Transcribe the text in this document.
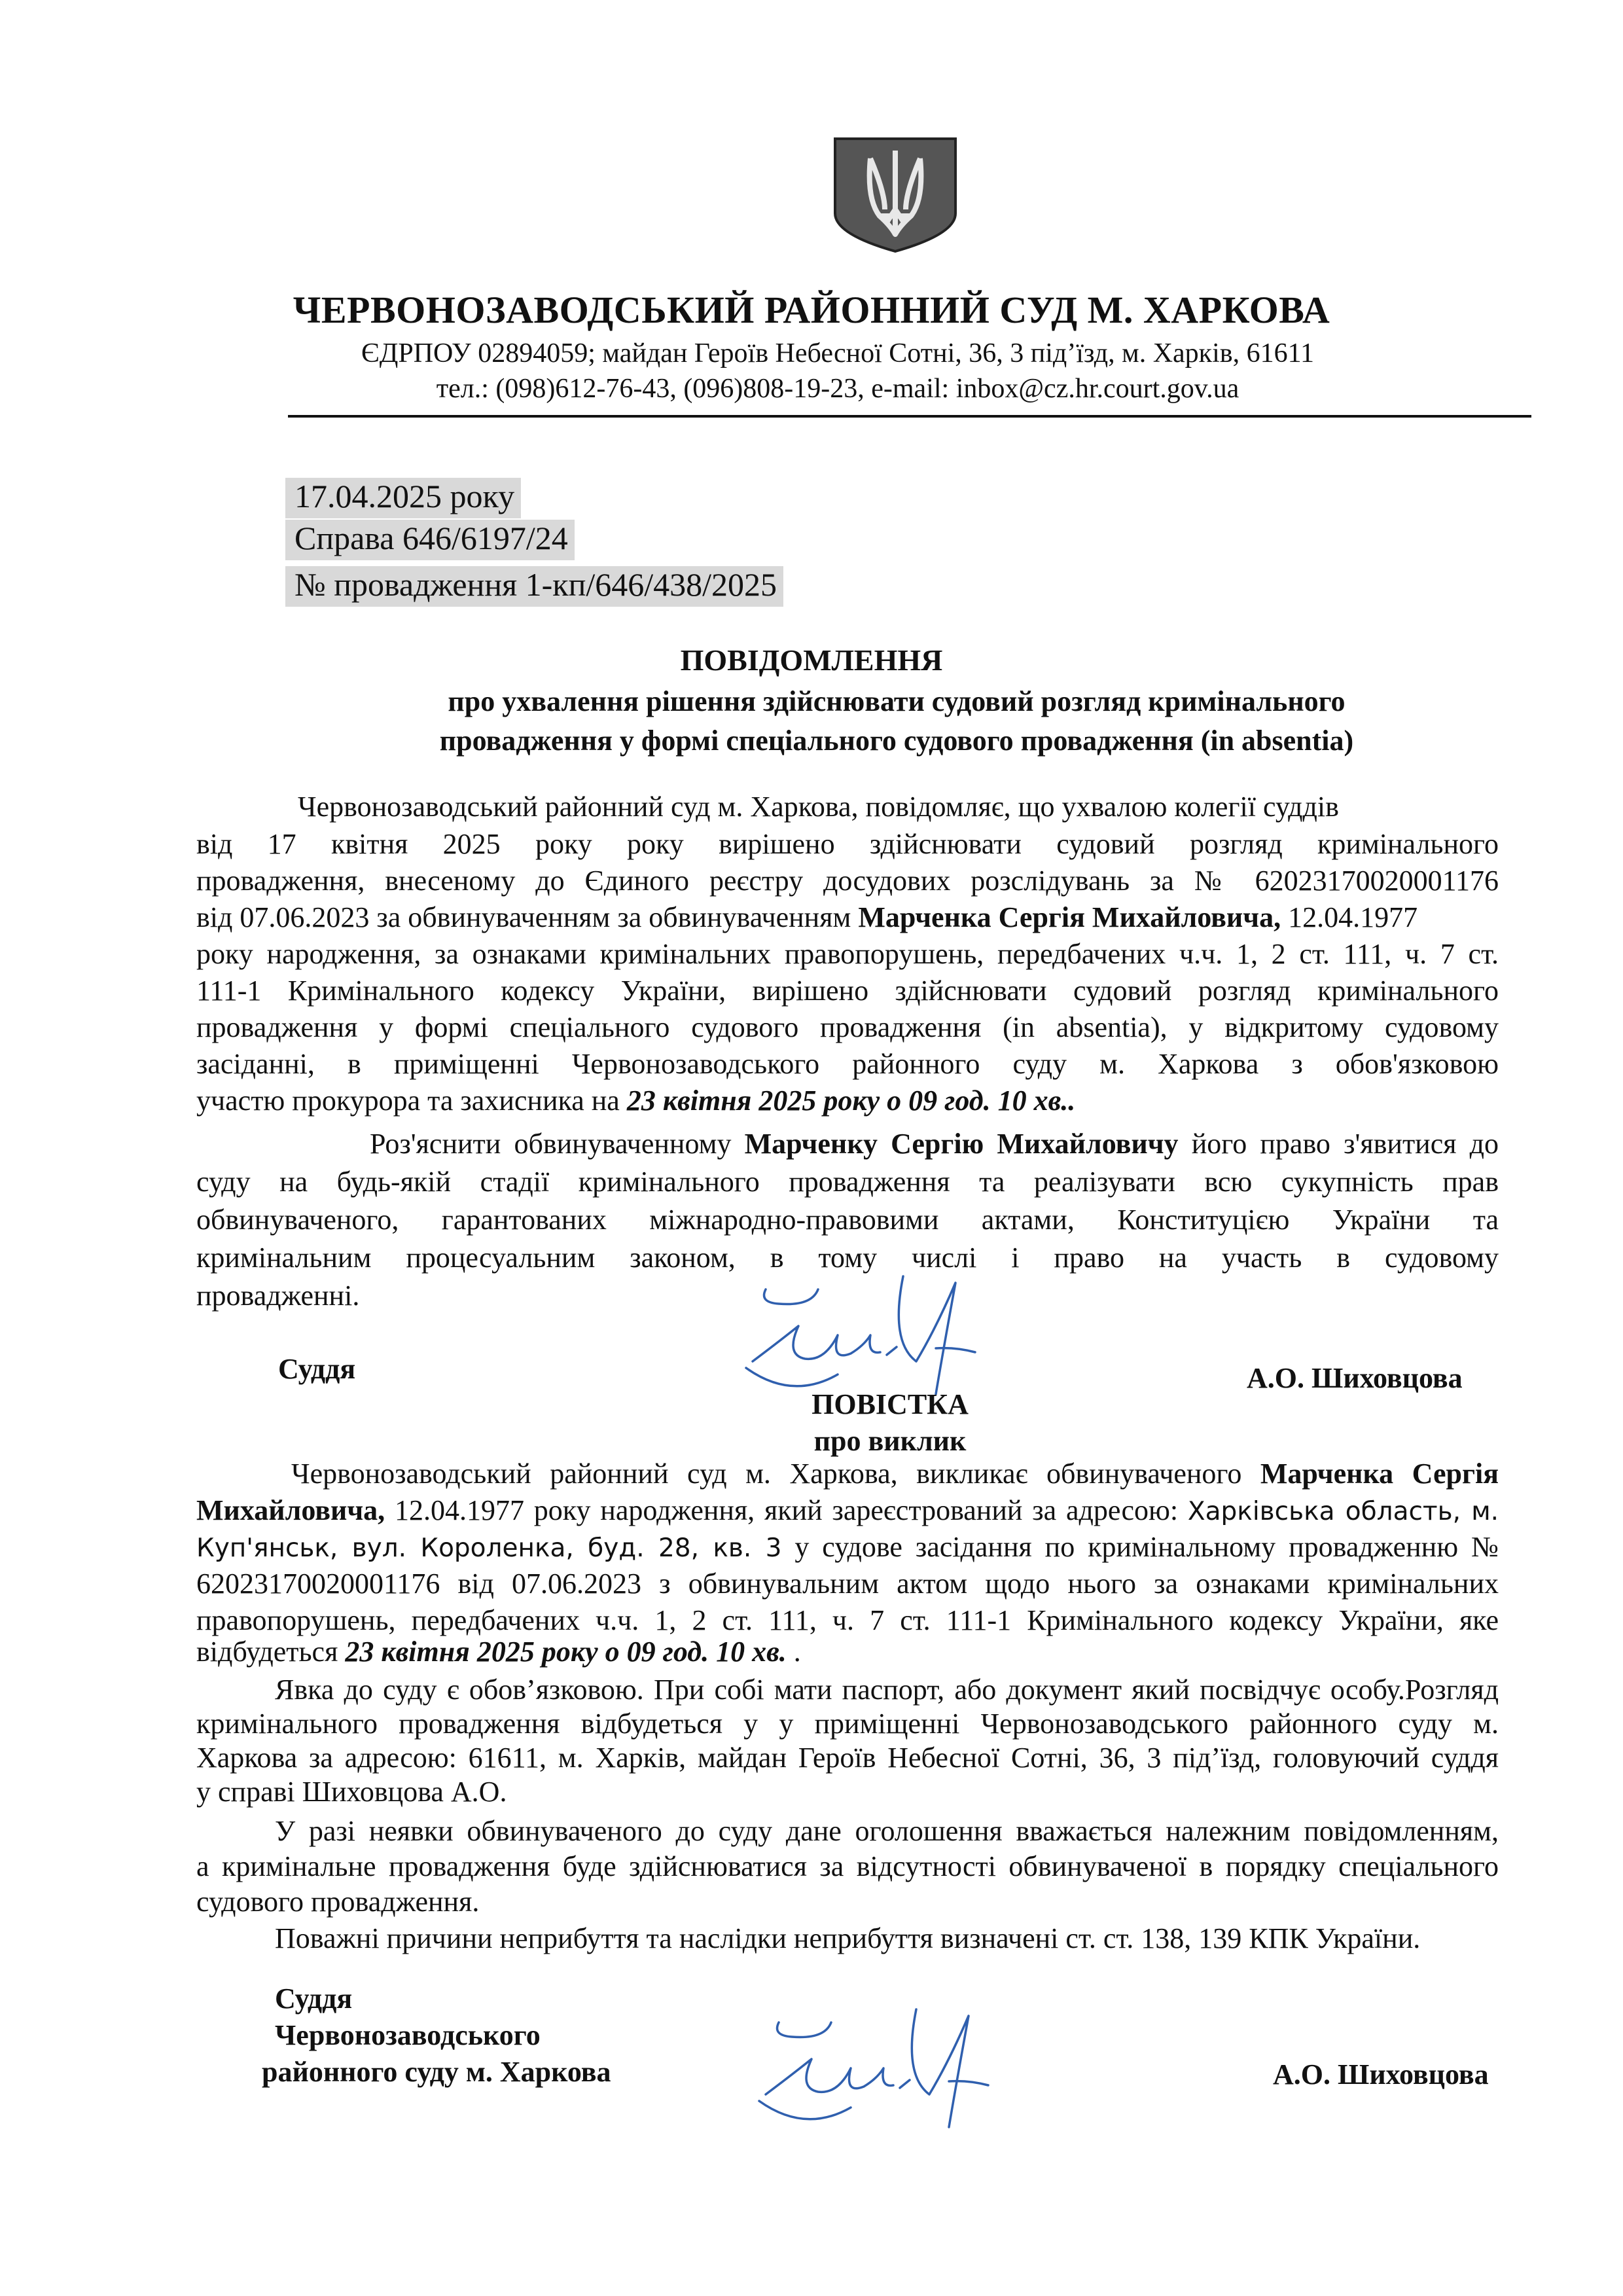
ЧЕРВОНОЗАВОДСЬКИЙ РАЙОННИЙ СУД М. ХАРКОВА
ЄДРПОУ 02894059; майдан Героїв Небесної Сотні, 36, 3 під’їзд, м. Харків, 61611
тел.: (098)612-76-43, (096)808-19-23, e-mail: inbox@cz.hr.court.gov.ua
17.04.2025 року
Справа 646/6197/24
№ провадження 1-кп/646/438/2025
ПОВІДОМЛЕННЯ
про ухвалення рішення здійснювати судовий розгляд кримінального
провадження у формі спеціального судового провадження (in absentia)
Червонозаводський районний суд м. Харкова, повідомляє, що ухвалою колегії суддів
від 17 квітня 2025 року року вирішено здійснювати судовий розгляд кримінального
провадження, внесеному до Єдиного реєстру досудових розслідувань за № 62023170020001176
від 07.06.2023 за обвинуваченням за обвинуваченням Марченка Сергія Михайловича, 12.04.1977
року народження, за ознаками кримінальних правопорушень, передбачених ч.ч. 1, 2 ст. 111, ч. 7 ст.
111-1 Кримінального кодексу України, вирішено здійснювати судовий розгляд кримінального
провадження у формі спеціального судового провадження (in absentia), у відкритому судовому
засіданні, в приміщенні Червонозаводського районного суду м. Харкова з обов'язковою
участю прокурора та захисника на 23 квітня 2025 року о 09 год. 10 хв..
Роз'яснити обвинуваченному Марченку Сергію Михайловичу його право з'явитися до
суду на будь-якій стадії кримінального провадження та реалізувати всю сукупність прав
обвинуваченого, гарантованих міжнародно-правовими актами, Конституцією України та
кримінальним процесуальним законом, в тому числі і право на участь в судовому
провадженні.
Суддя	А.О. Шиховцова
ПОВІСТКА
про виклик
Червонозаводський районний суд м. Харкова, викликає обвинуваченого Марченка Сергія
Михайловича, 12.04.1977 року народження, який зареєстрований за адресою: Харківська область, м.
Куп'янськ, вул. Короленка, буд. 28, кв. 3 у судове засідання по кримінальному провадженню №
62023170020001176 від 07.06.2023 з обвинувальним актом щодо нього за ознаками кримінальних
правопорушень, передбачених ч.ч. 1, 2 ст. 111, ч. 7 ст. 111-1 Кримінального кодексу України, яке
відбудеться 23 квітня 2025 року о 09 год. 10 хв. .
Явка до суду є обов’язковою. При собі мати паспорт, або документ який посвідчує особу.Розгляд
кримінального провадження відбудеться у у приміщенні Червонозаводського районного суду м.
Харкова за адресою: 61611, м. Харків, майдан Героїв Небесної Сотні, 36, 3 під’їзд, головуючий суддя
у справі Шиховцова А.О.
У разі неявки обвинуваченого до суду дане оголошення вважається належним повідомленням,
а кримінальне провадження буде здійснюватися за відсутності обвинуваченої в порядку спеціального
судового провадження.
Поважні причини неприбуття та наслідки неприбуття визначені ст. ст. 138, 139 КПК України.
Суддя
Червонозаводського
районного суду м. Харкова	А.О. Шиховцова
